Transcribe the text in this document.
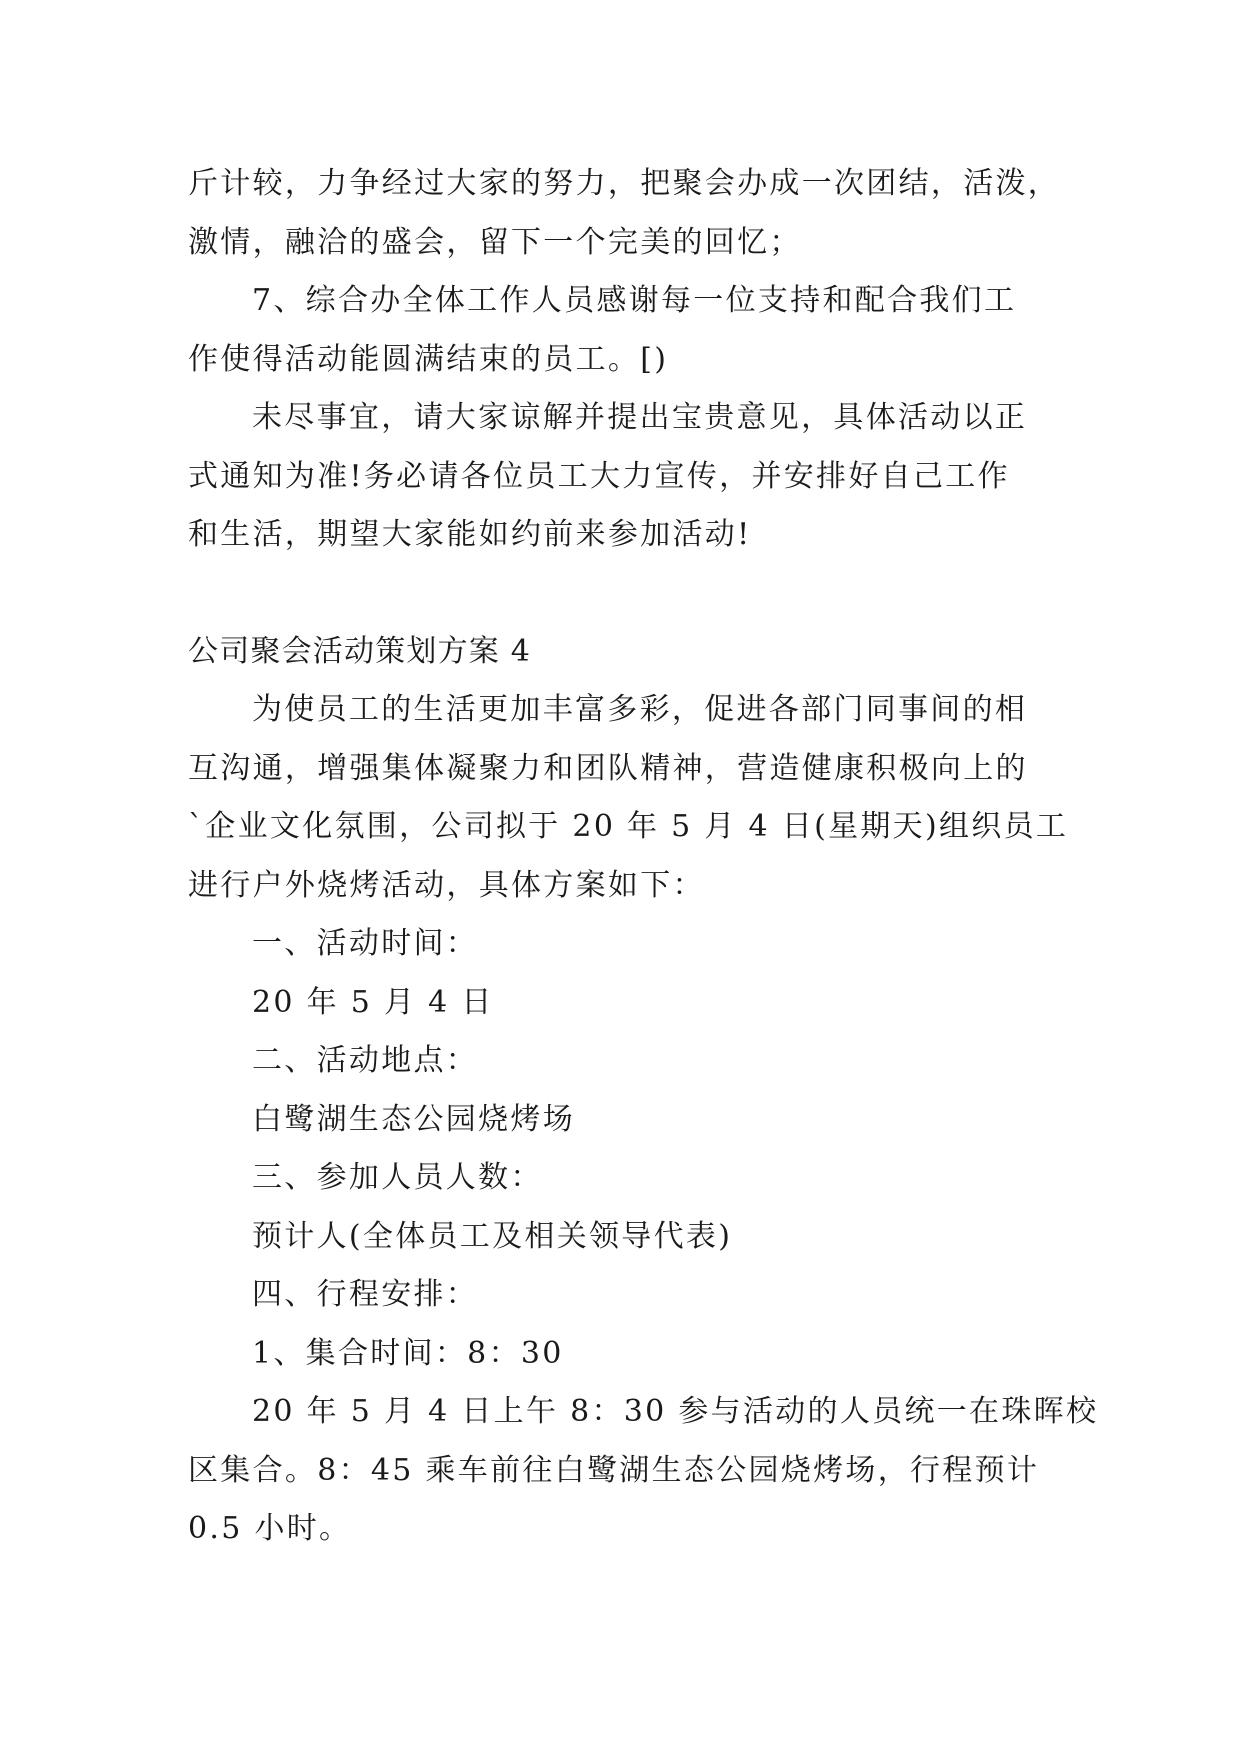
斤计较，力争经过大家的努力，把聚会办成一次团结，活泼，
激情，融洽的盛会，留下一个完美的回忆；
7、综合办全体工作人员感谢每一位支持和配合我们工
作使得活动能圆满结束的员工。[)
未尽事宜，请大家谅解并提出宝贵意见，具体活动以正
式通知为准!务必请各位员工大力宣传，并安排好自己工作
和生活，期望大家能如约前来参加活动!
公司聚会活动策划方案 4
为使员工的生活更加丰富多彩，促进各部门同事间的相
互沟通，增强集体凝聚力和团队精神，营造健康积极向上的
`企业文化氛围，公司拟于 20 年 5 月 4 日(星期天)组织员工
进行户外烧烤活动，具体方案如下：
一、活动时间：
20 年 5 月 4 日
二、活动地点：
白鹭湖生态公园烧烤场
三、参加人员人数：
预计人(全体员工及相关领导代表)
四、行程安排：
1、集合时间：8：30
20 年 5 月 4 日上午 8：30 参与活动的人员统一在珠晖校
区集合。8：45 乘车前往白鹭湖生态公园烧烤场，行程预计
0.5 小时。
